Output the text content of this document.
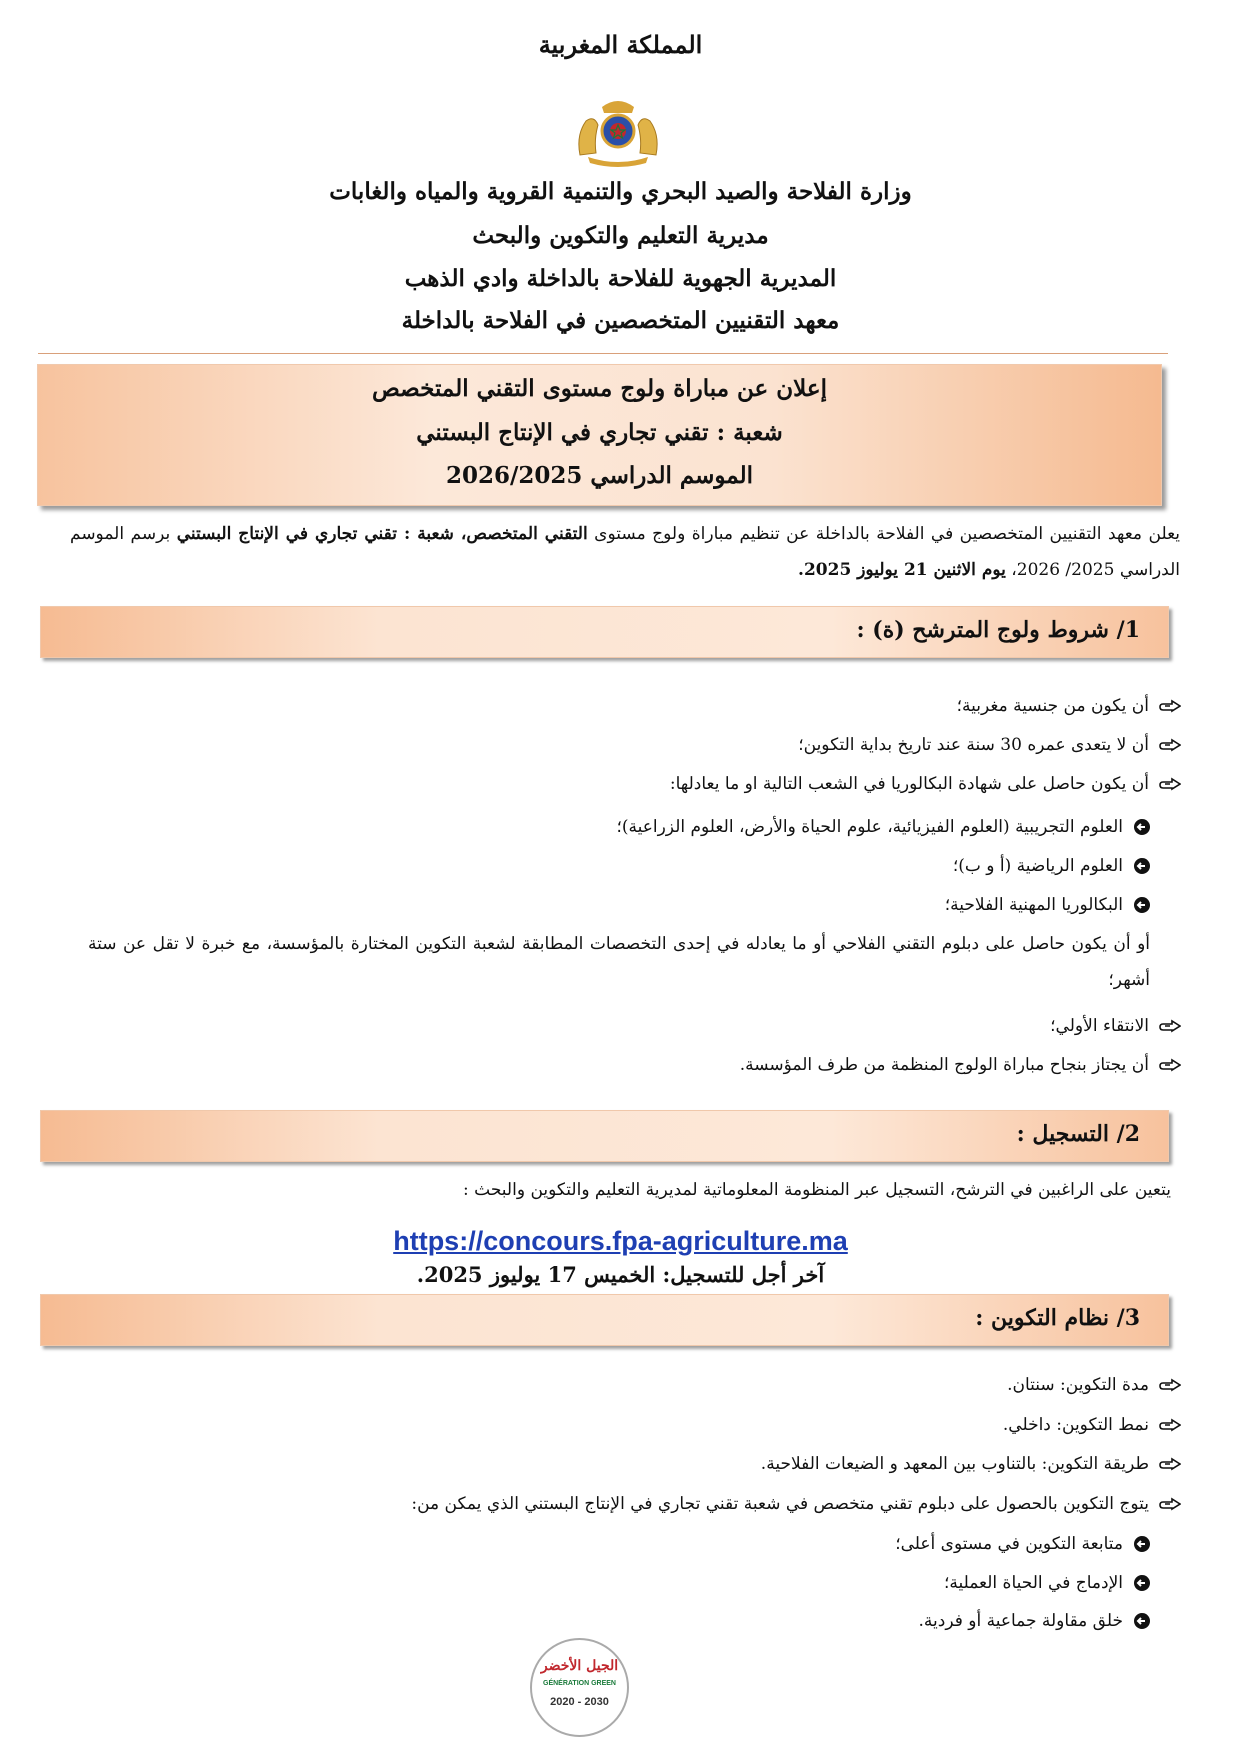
المملكة المغربية
وزارة الفلاحة والصيد البحري والتنمية القروية والمياه والغابات
مديرية التعليم والتكوين والبحث
المديرية الجهوية للفلاحة بالداخلة وادي الذهب
معهد التقنيين المتخصصين في الفلاحة بالداخلة
إعلان عن مباراة ولوج مستوى التقني المتخصص
شعبة : تقني تجاري في الإنتاج البستني
الموسم الدراسي 2026/2025
يعلن معهد التقنيين المتخصصين في الفلاحة بالداخلة عن تنظيم مباراة ولوج مستوى التقني المتخصص، شعبة : تقني تجاري في الإنتاج البستني برسم الموسم الدراسي 2025/ 2026، يوم الاثنين 21 يوليوز 2025.
1/ شروط ولوج المترشح (ة) :
أن يكون من جنسية مغربية؛
أن لا يتعدى عمره 30 سنة عند تاريخ بداية التكوين؛
أن يكون حاصل على شهادة البكالوريا في الشعب التالية او ما يعادلها:
العلوم التجريبية (العلوم الفيزيائية، علوم الحياة والأرض، العلوم الزراعية)؛
العلوم الرياضية (أ و ب)؛
البكالوريا المهنية الفلاحية؛
أو أن يكون حاصل على دبلوم التقني الفلاحي أو ما يعادله في إحدى التخصصات المطابقة لشعبة التكوين المختارة بالمؤسسة، مع خبرة لا تقل عن ستة أشهر؛
الانتقاء الأولي؛
أن يجتاز بنجاح مباراة الولوج المنظمة من طرف المؤسسة.
2/ التسجيل :
يتعين على الراغبين في الترشح، التسجيل عبر المنظومة المعلوماتية لمديرية التعليم والتكوين والبحث :
https://concours.fpa-agriculture.ma
آخر أجل للتسجيل: الخميس 17 يوليوز 2025.
3/ نظام التكوين :
مدة التكوين: سنتان.
نمط التكوين: داخلي.
طريقة التكوين: بالتناوب بين المعهد و الضيعات الفلاحية.
يتوج التكوين بالحصول على دبلوم تقني متخصص في شعبة تقني تجاري في الإنتاج البستني الذي يمكن من:
متابعة التكوين في مستوى أعلى؛
الإدماج في الحياة العملية؛
خلق مقاولة جماعية أو فردية.
الجيل الأخضر
GÉNÉRATION GREEN
2020 - 2030
